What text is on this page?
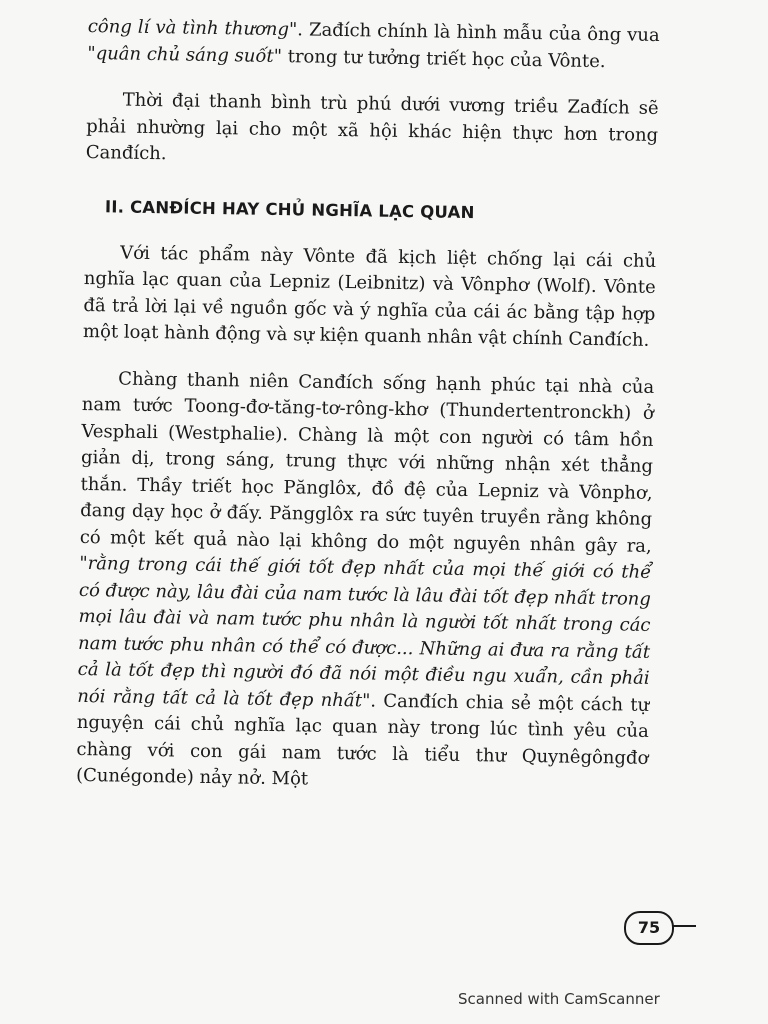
công lí và tình thương". Zađích chính là hình mẫu của ông vua "quân chủ sáng suốt" trong tư tưởng triết học của Vônte.

Thời đại thanh bình trù phú dưới vương triều Zađích sẽ phải nhường lại cho một xã hội khác hiện thực hơn trong Canđích.

II. CANĐÍCH HAY CHỦ NGHĨA LẠC QUAN

Với tác phẩm này Vônte đã kịch liệt chống lại cái chủ nghĩa lạc quan của Lepniz (Leibnitz) và Vônphơ (Wolf). Vônte đã trả lời lại về nguồn gốc và ý nghĩa của cái ác bằng tập hợp một loạt hành động và sự kiện quanh nhân vật chính Canđích.

Chàng thanh niên Canđích sống hạnh phúc tại nhà của nam tước Toong-đơ-tăng-tơ-rông-khơ (Thundertentronckh) ở Vesphali (Westphalie). Chàng là một con người có tâm hồn giản dị, trong sáng, trung thực với những nhận xét thẳng thắn. Thầy triết học Pănglôx, đồ đệ của Lepniz và Vônphơ, đang dạy học ở đấy. Păngglôx ra sức tuyên truyền rằng không có một kết quả nào lại không do một nguyên nhân gây ra, "rằng trong cái thế giới tốt đẹp nhất của mọi thế giới có thể có được này, lâu đài của nam tước là lâu đài tốt đẹp nhất trong mọi lâu đài và nam tước phu nhân là người tốt nhất trong các nam tước phu nhân có thể có được... Những ai đưa ra rằng tất cả là tốt đẹp thì người đó đã nói một điều ngu xuẩn, cần phải nói rằng tất cả là tốt đẹp nhất". Canđích chia sẻ một cách tự nguyện cái chủ nghĩa lạc quan này trong lúc tình yêu của chàng với con gái nam tước là tiểu thư Quynêgôngđơ (Cunégonde) nảy nở. Một

75
Scanned with CamScanner
